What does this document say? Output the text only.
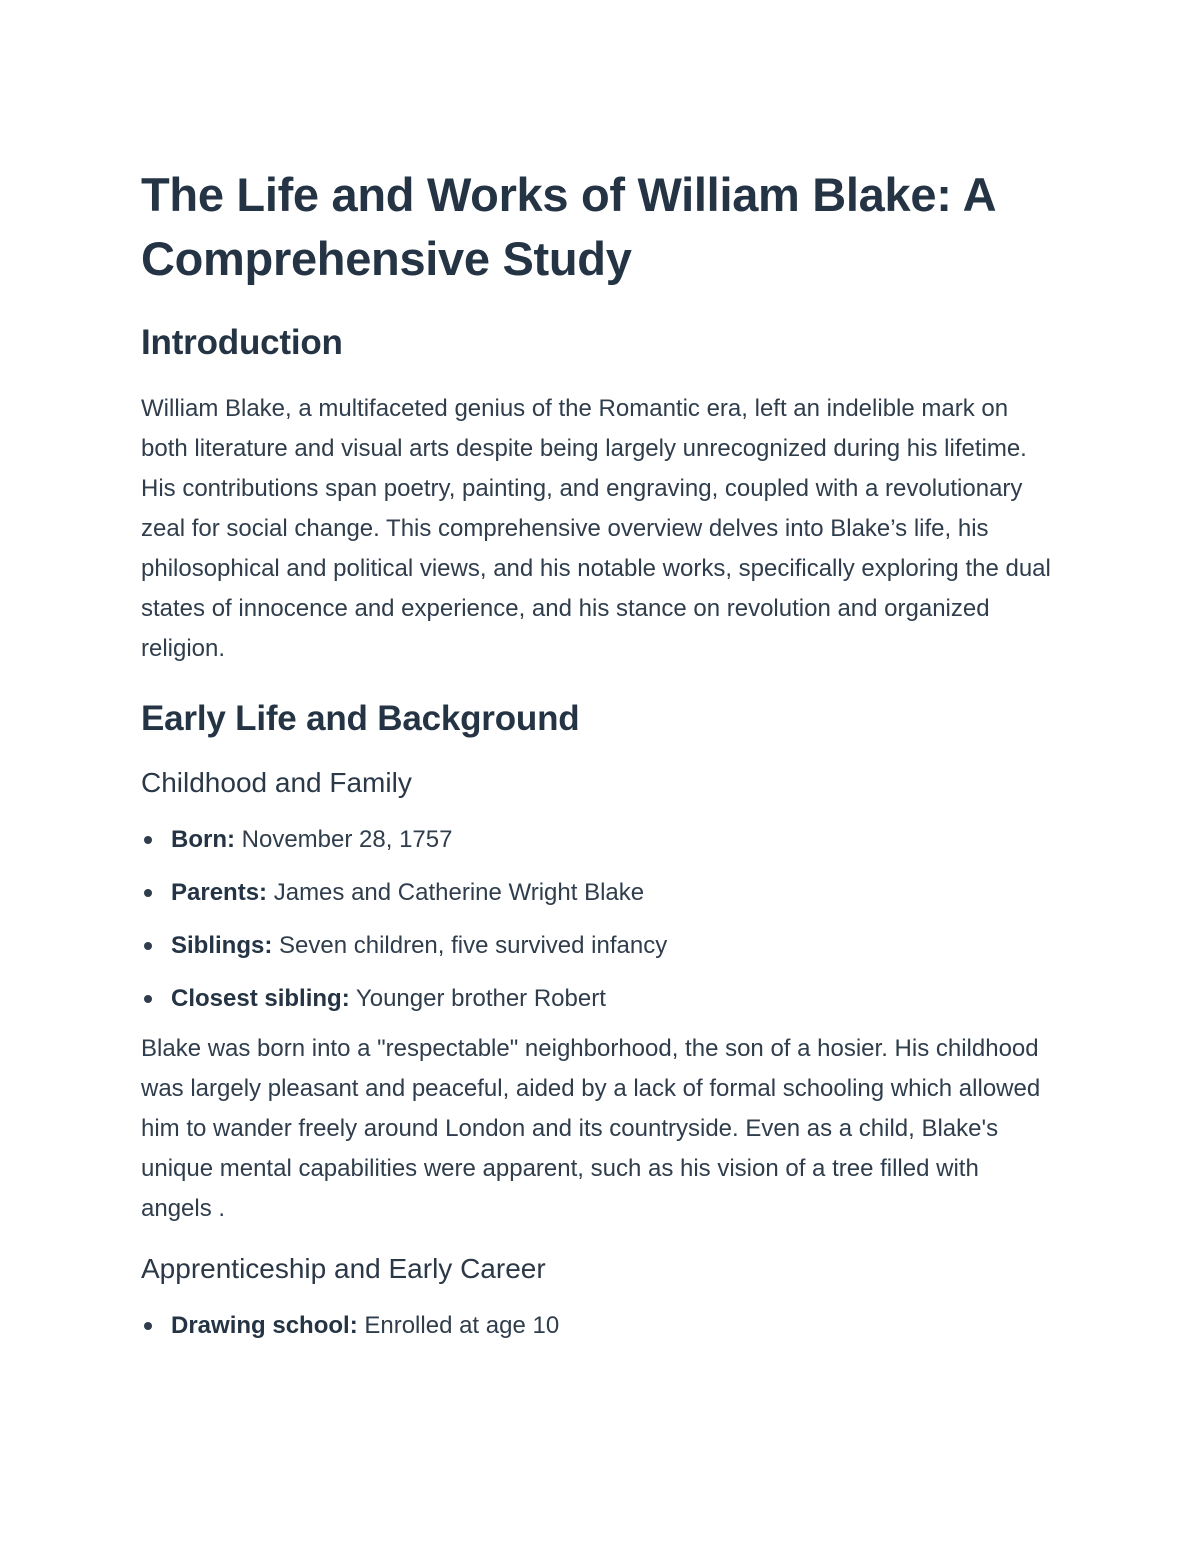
The Life and Works of William Blake: A Comprehensive Study
Introduction

William Blake, a multifaceted genius of the Romantic era, left an indelible mark on both literature and visual arts despite being largely unrecognized during his lifetime. His contributions span poetry, painting, and engraving, coupled with a revolutionary zeal for social change. This comprehensive overview delves into Blake’s life, his philosophical and political views, and his notable works, specifically exploring the dual states of innocence and experience, and his stance on revolution and organized religion.

Early Life and Background
Childhood and Family
Born: November 28, 1757
Parents: James and Catherine Wright Blake
Siblings: Seven children, five survived infancy
Closest sibling: Younger brother Robert

Blake was born into a "respectable" neighborhood, the son of a hosier. His childhood was largely pleasant and peaceful, aided by a lack of formal schooling which allowed him to wander freely around London and its countryside. Even as a child, Blake's unique mental capabilities were apparent, such as his vision of a tree filled with angels .

Apprenticeship and Early Career
Drawing school: Enrolled at age 10
